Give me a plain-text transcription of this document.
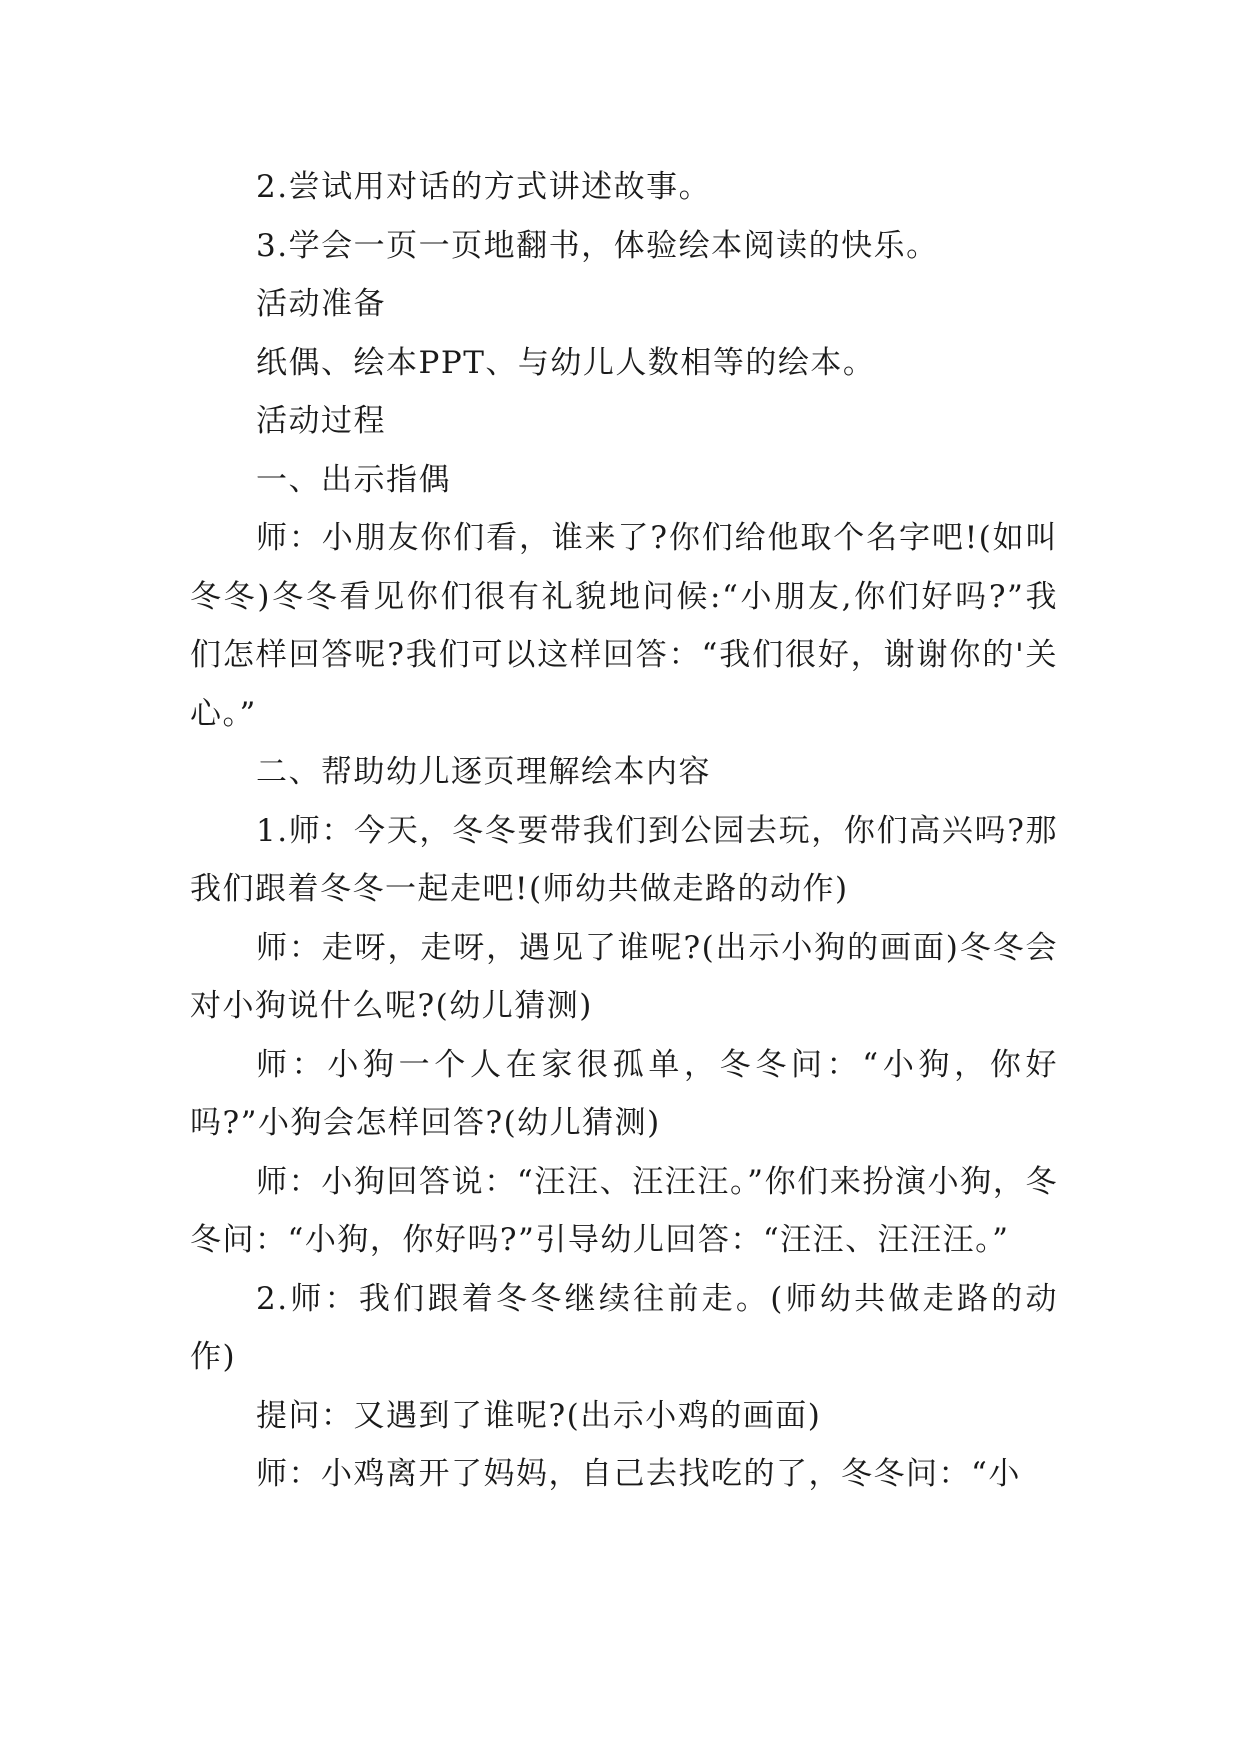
2.尝试用对话的方式讲述故事。

3.学会一页一页地翻书，体验绘本阅读的快乐。

活动准备

纸偶、绘本PPT、与幼儿人数相等的绘本。

活动过程

一、出示指偶

师：小朋友你们看，谁来了?你们给他取个名字吧!(如叫冬冬)冬冬看见你们很有礼貌地问候:“小朋友,你们好吗?”我们怎样回答呢?我们可以这样回答：“我们很好，谢谢你的'关心。”

二、帮助幼儿逐页理解绘本内容

1.师：今天，冬冬要带我们到公园去玩，你们高兴吗?那我们跟着冬冬一起走吧!(师幼共做走路的动作)

师：走呀，走呀，遇见了谁呢?(出示小狗的画面)冬冬会对小狗说什么呢?(幼儿猜测)

师：小狗一个人在家很孤单，冬冬问：“小狗，你好吗?”小狗会怎样回答?(幼儿猜测)

师：小狗回答说：“汪汪、汪汪汪。”你们来扮演小狗，冬冬问：“小狗，你好吗?”引导幼儿回答：“汪汪、汪汪汪。”

2.师：我们跟着冬冬继续往前走。(师幼共做走路的动作)

提问：又遇到了谁呢?(出示小鸡的画面)

师：小鸡离开了妈妈，自己去找吃的了，冬冬问：“小
